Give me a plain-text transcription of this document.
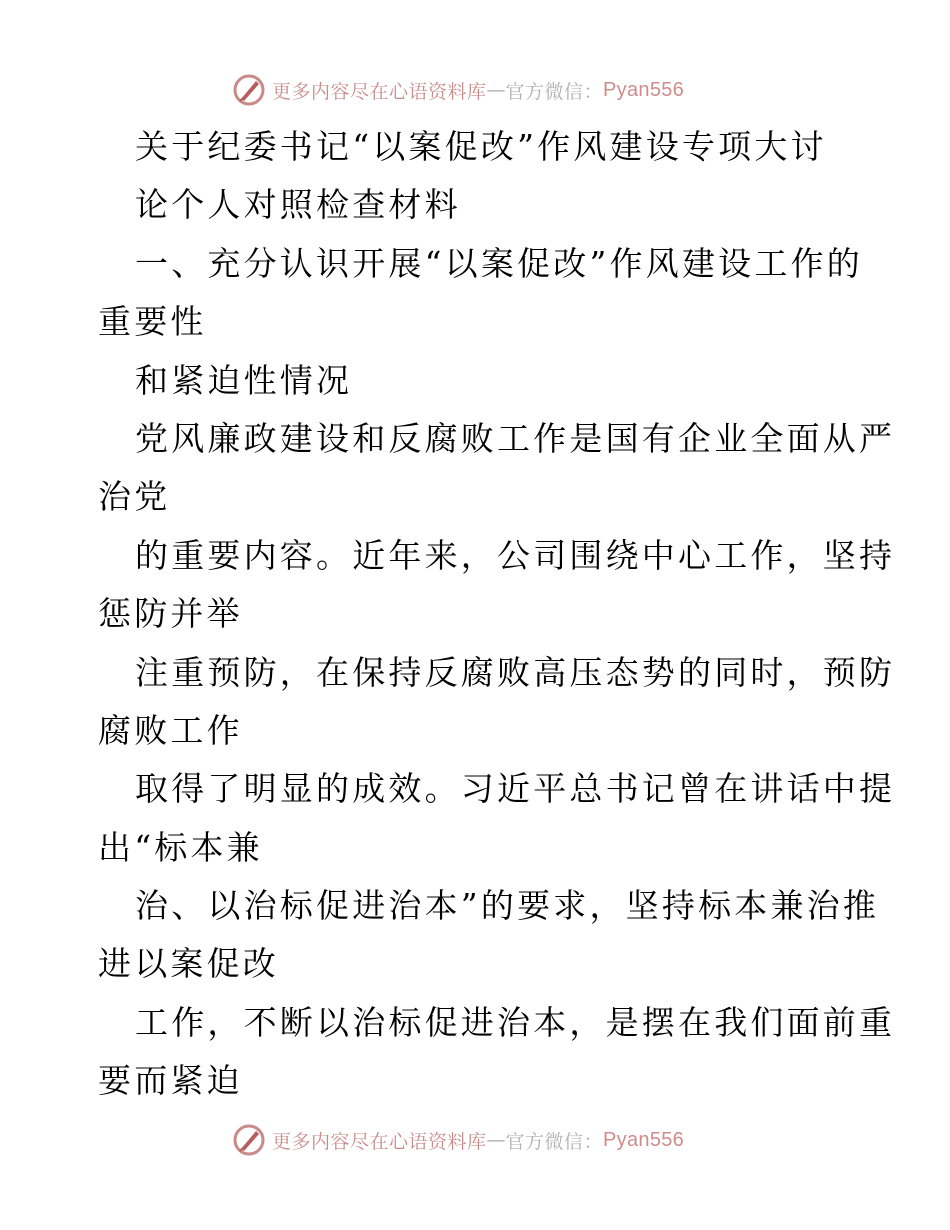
更多内容尽在心语资料库 — 官方微信： Pyan556
关于纪委书记“以案促改”作风建设专项大讨
论个人对照检查材料
一、充分认识开展“以案促改”作风建设工作的
重要性
和紧迫性情况
党风廉政建设和反腐败工作是国有企业全面从严
治党
的重要内容。近年来，公司围绕中心工作，坚持
惩防并举
注重预防，在保持反腐败高压态势的同时，预防
腐败工作
取得了明显的成效。习近平总书记曾在讲话中提
出“标本兼
治、以治标促进治本”的要求，坚持标本兼治推
进以案促改
工作，不断以治标促进治本，是摆在我们面前重
要而紧迫
更多内容尽在心语资料库 — 官方微信： Pyan556
